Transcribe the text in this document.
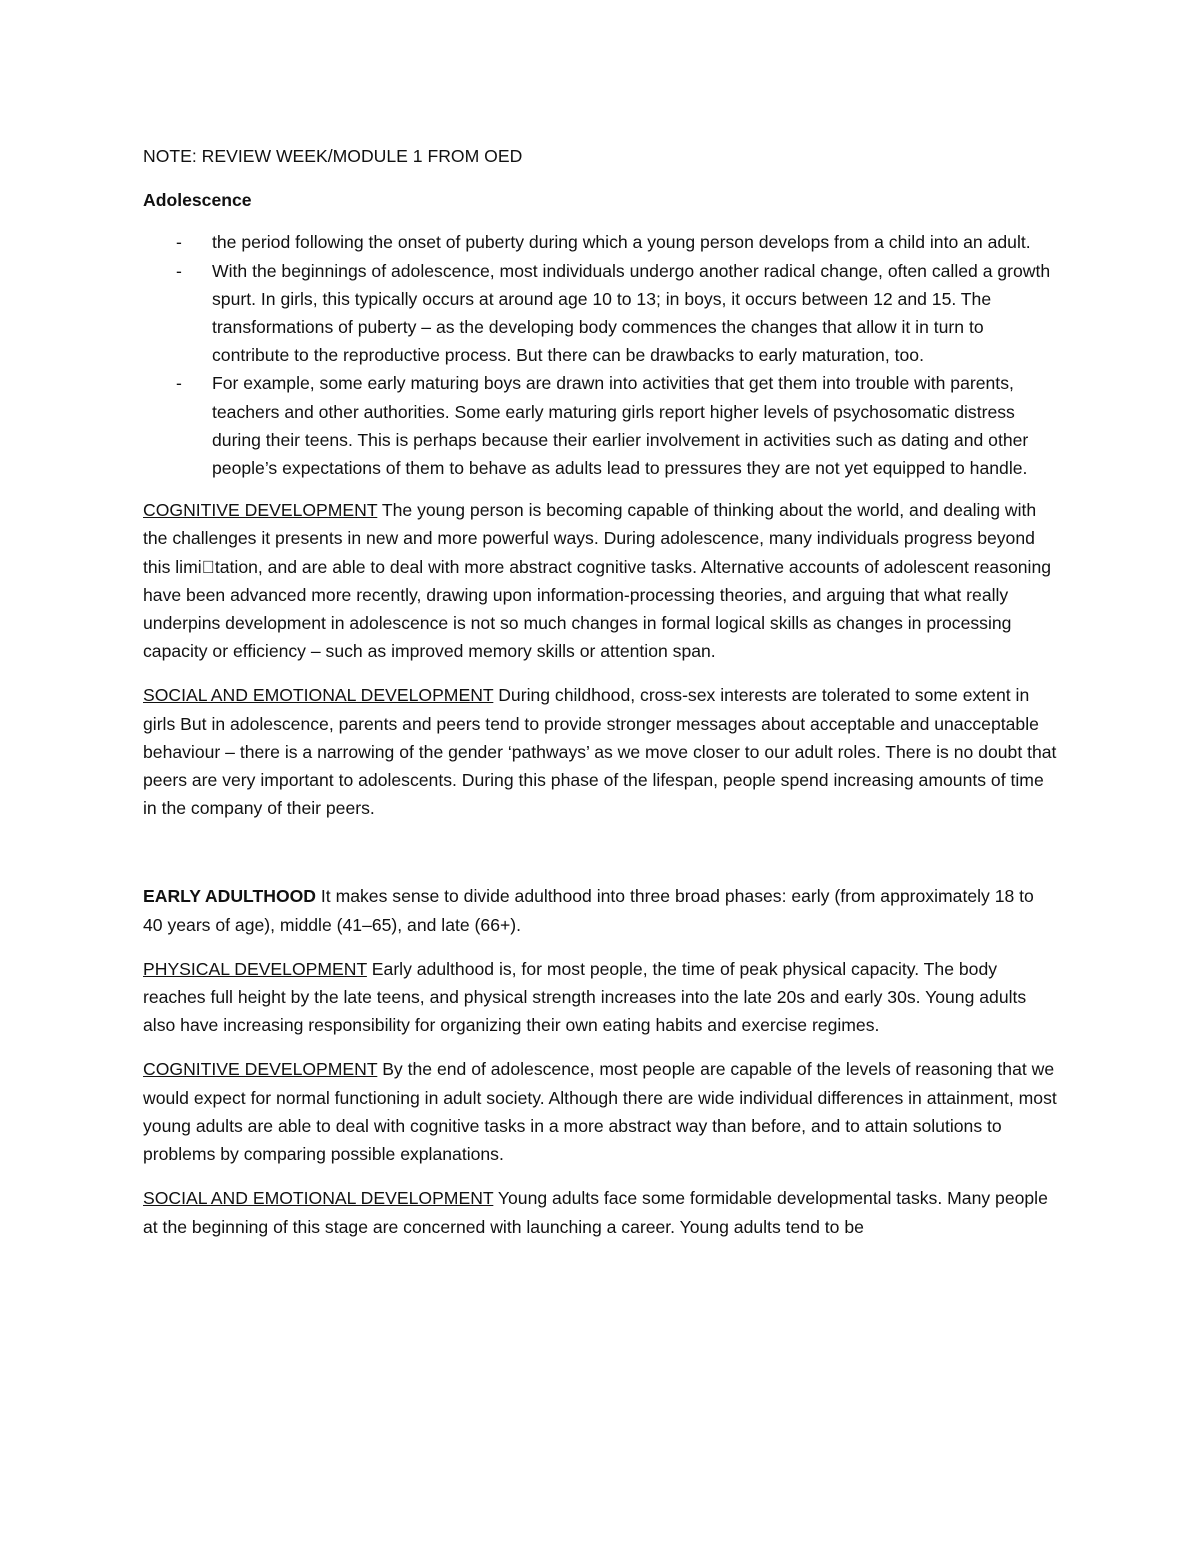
NOTE: REVIEW WEEK/MODULE 1 FROM OED

Adolescence

- the period following the onset of puberty during which a young person develops from a child into an adult.
- With the beginnings of adolescence, most individuals undergo another radical change, often called a growth spurt. In girls, this typically occurs at around age 10 to 13; in boys, it occurs between 12 and 15. The transformations of puberty – as the developing body commences the changes that allow it in turn to contribute to the reproductive process. But there can be drawbacks to early maturation, too.
- For example, some early maturing boys are drawn into activities that get them into trouble with parents, teachers and other authorities. Some early maturing girls report higher levels of psychosomatic distress during their teens. This is perhaps because their earlier involvement in activities such as dating and other people’s expectations of them to behave as adults lead to pressures they are not yet equipped to handle.

COGNITIVE DEVELOPMENT The young person is becoming capable of thinking about the world, and dealing with the challenges it presents in new and more powerful ways. During adolescence, many individuals progress beyond this limi tation, and are able to deal with more abstract cognitive tasks. Alternative accounts of adolescent reasoning have been advanced more recently, drawing upon information-processing theories, and arguing that what really underpins development in adolescence is not so much changes in formal logical skills as changes in processing capacity or efficiency – such as improved memory skills or attention span.

SOCIAL AND EMOTIONAL DEVELOPMENT During childhood, cross-sex interests are tolerated to some extent in girls But in adolescence, parents and peers tend to provide stronger messages about acceptable and unacceptable behaviour – there is a narrowing of the gender ‘pathways’ as we move closer to our adult roles. There is no doubt that peers are very important to adolescents. During this phase of the lifespan, people spend increasing amounts of time in the company of their peers.

EARLY ADULTHOOD It makes sense to divide adulthood into three broad phases: early (from approximately 18 to 40 years of age), middle (41–65), and late (66+).

PHYSICAL DEVELOPMENT Early adulthood is, for most people, the time of peak physical capacity. The body reaches full height by the late teens, and physical strength increases into the late 20s and early 30s. Young adults also have increasing responsibility for organizing their own eating habits and exercise regimes.

COGNITIVE DEVELOPMENT By the end of adolescence, most people are capable of the levels of reasoning that we would expect for normal functioning in adult society. Although there are wide individual differences in attainment, most young adults are able to deal with cognitive tasks in a more abstract way than before, and to attain solutions to problems by comparing possible explanations.

SOCIAL AND EMOTIONAL DEVELOPMENT Young adults face some formidable developmental tasks. Many people at the beginning of this stage are concerned with launching a career. Young adults tend to be
